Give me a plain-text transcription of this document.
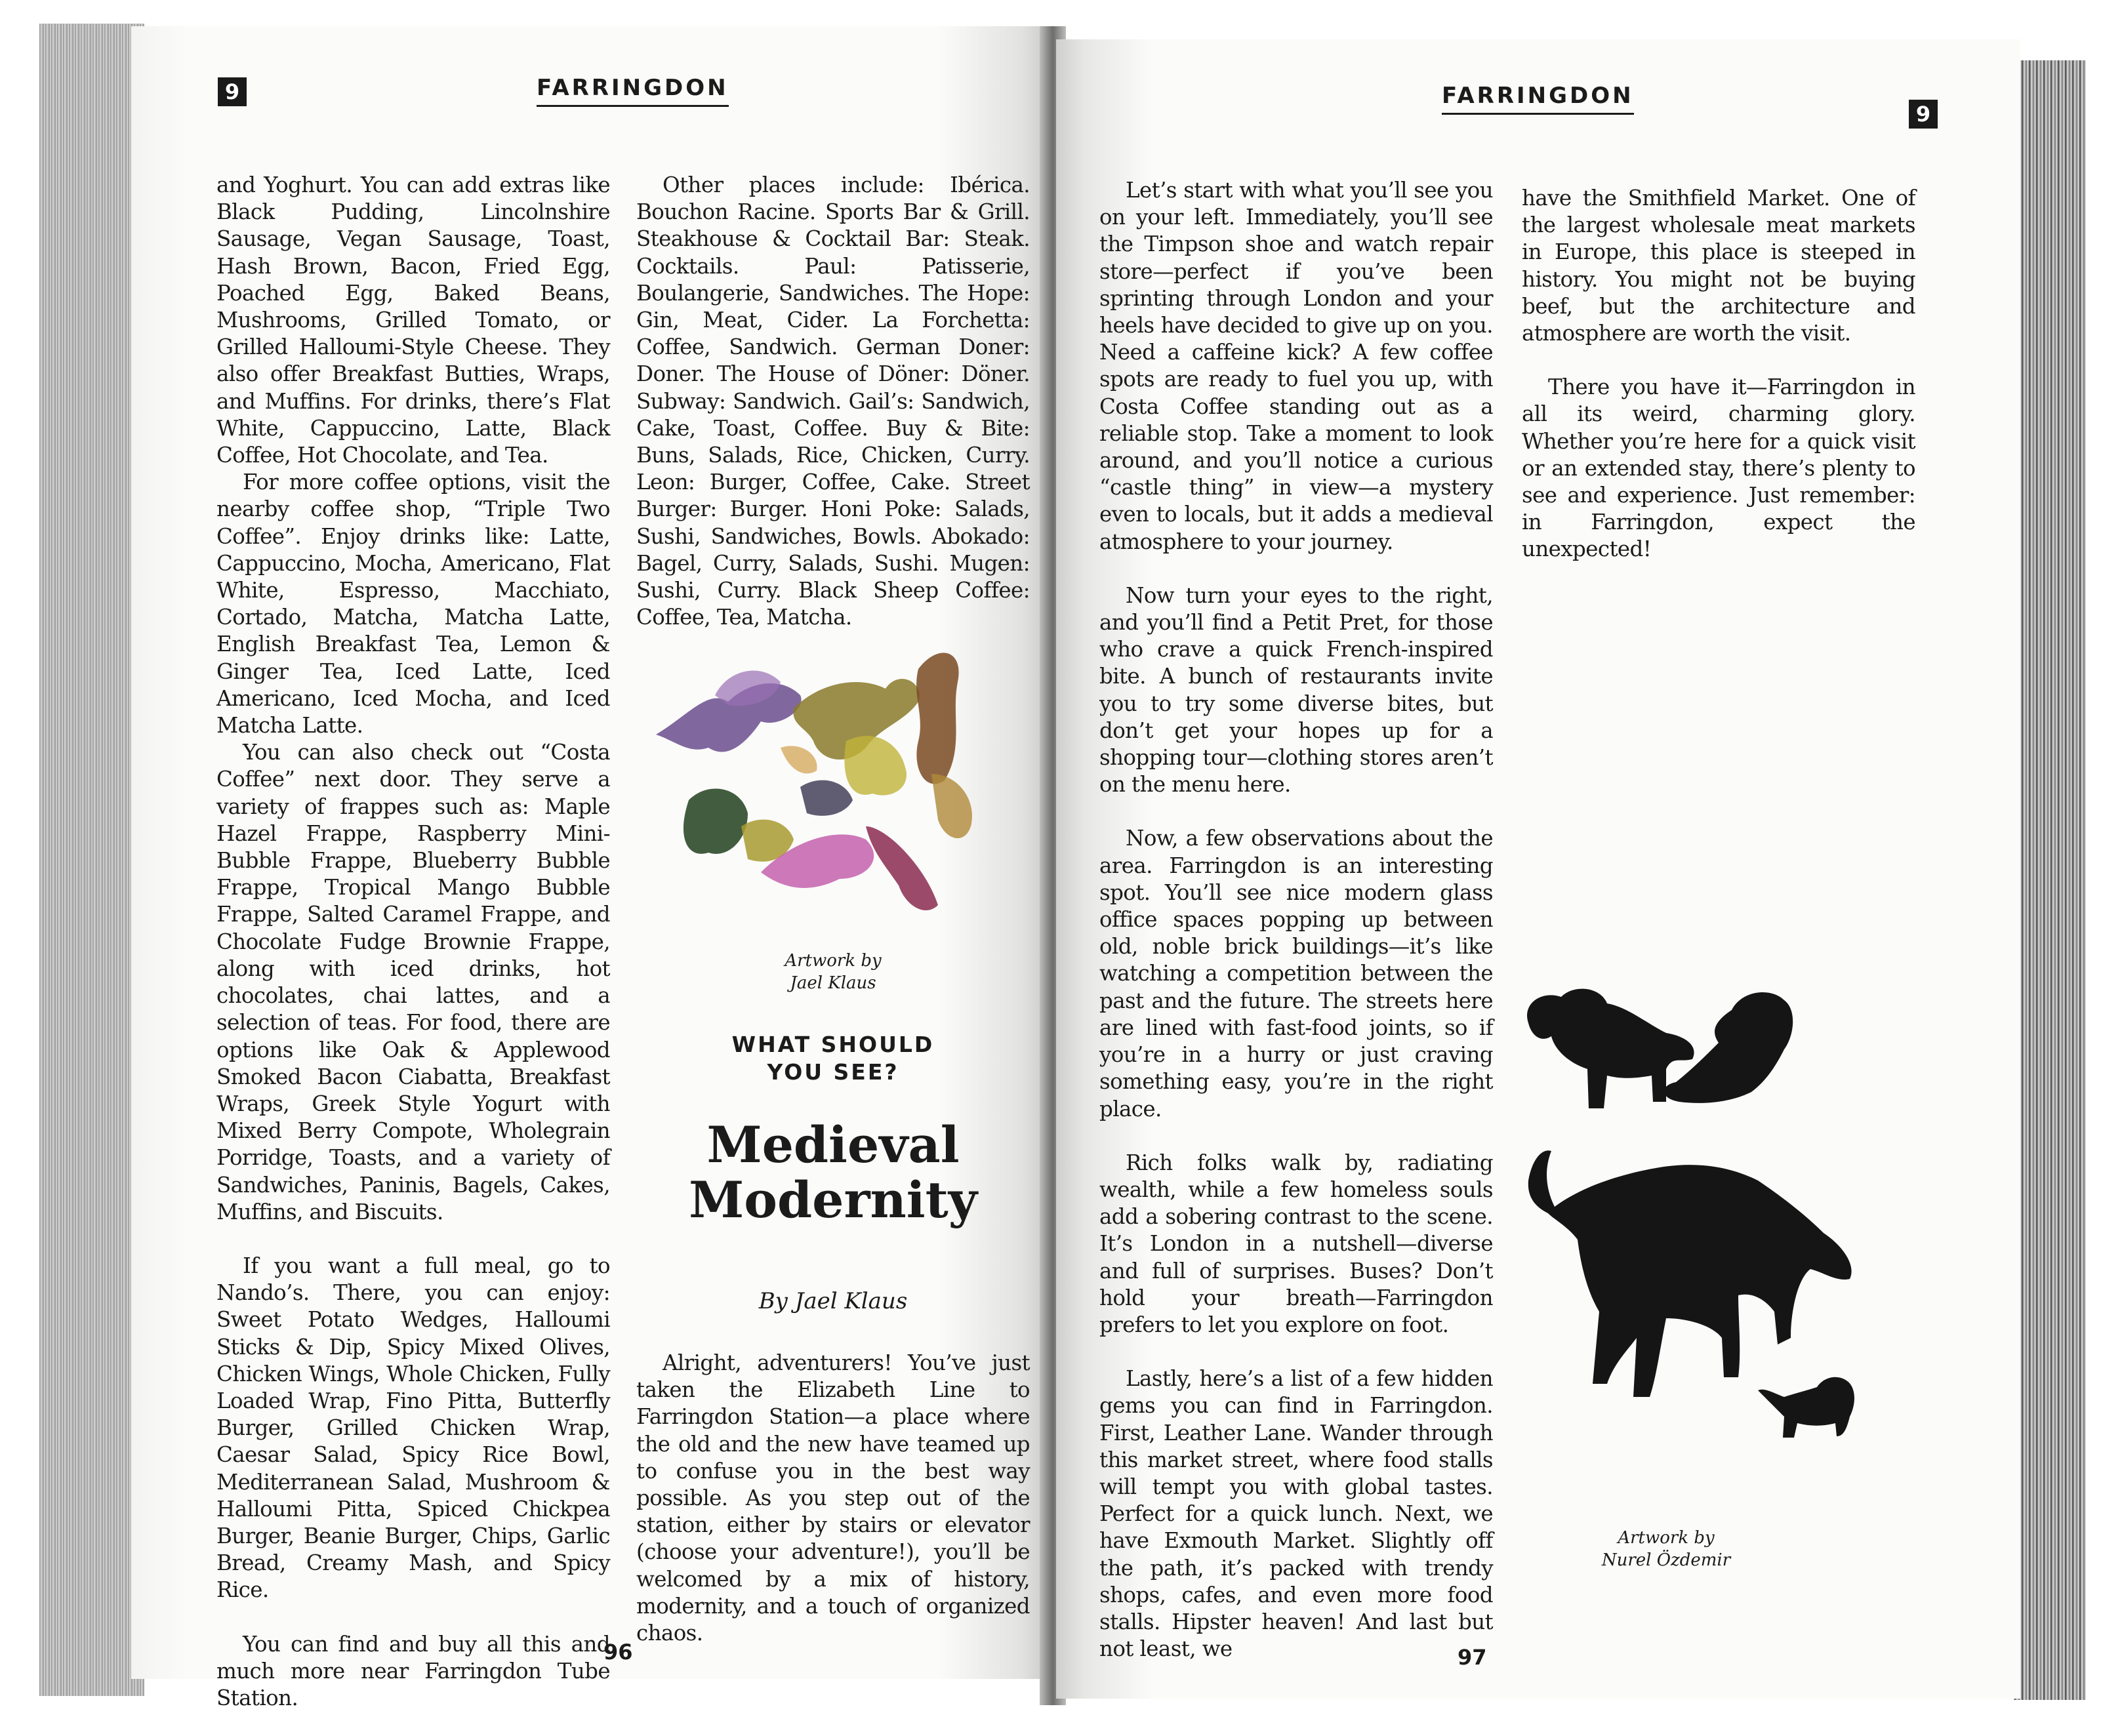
9	FARRINGDON

and Yoghurt. You can add extras like Black Pudding, Lincolnshire Sausage, Vegan Sausage, Toast, Hash Brown, Bacon, Fried Egg, Poached Egg, Baked Beans, Mushrooms, Grilled Tomato, or Grilled Halloumi-Style Cheese. They also offer Breakfast Butties, Wraps, and Muffins. For drinks, there’s Flat White, Cappuccino, Latte, Black Coffee, Hot Chocolate, and Tea.

For more coffee options, visit the nearby coffee shop, “Triple Two Coffee”. Enjoy drinks like: Latte, Cappuccino, Mocha, Americano, Flat White, Espresso, Macchiato, Cortado, Matcha, Matcha Latte, English Breakfast Tea, Lemon & Ginger Tea, Iced Latte, Iced Americano, Iced Mocha, and Iced Matcha Latte.

You can also check out “Costa Coffee” next door. They serve a variety of frappes such as: Maple Hazel Frappe, Raspberry Mini-Bubble Frappe, Blueberry Bubble Frappe, Tropical Mango Bubble Frappe, Salted Caramel Frappe, and Chocolate Fudge Brownie Frappe, along with iced drinks, hot chocolates, chai lattes, and a selection of teas. For food, there are options like Oak & Applewood Smoked Bacon Ciabatta, Breakfast Wraps, Greek Style Yogurt with Mixed Berry Compote, Wholegrain Porridge, Toasts, and a variety of Sandwiches, Paninis, Bagels, Cakes, Muffins, and Biscuits.

If you want a full meal, go to Nando’s. There, you can enjoy: Sweet Potato Wedges, Halloumi Sticks & Dip, Spicy Mixed Olives, Chicken Wings, Whole Chicken, Fully Loaded Wrap, Fino Pitta, Butterfly Burger, Grilled Chicken Wrap, Caesar Salad, Spicy Rice Bowl, Mediterranean Salad, Mushroom & Halloumi Pitta, Spiced Chickpea Burger, Beanie Burger, Chips, Garlic Bread, Creamy Mash, and Spicy Rice.

You can find and buy all this and much more near Farringdon Tube Station.

Other places include: Ibérica. Bouchon Racine. Sports Bar & Grill. Steakhouse & Cocktail Bar: Steak. Cocktails. Paul: Patisserie, Boulangerie, Sandwiches. The Hope: Gin, Meat, Cider. La Forchetta: Coffee, Sandwich. German Doner: Doner. The House of Döner: Döner. Subway: Sandwich. Gail’s: Sandwich, Cake, Toast, Coffee. Buy & Bite: Buns, Salads, Rice, Chicken, Curry. Leon: Burger, Coffee, Cake. Street Burger: Burger. Honi Poke: Salads, Sushi, Sandwiches, Bowls. Abokado: Bagel, Curry, Salads, Sushi. Mugen: Sushi, Curry. Black Sheep Coffee: Coffee, Tea, Matcha.

Artwork by
Jael Klaus
WHAT SHOULD
YOU SEE?
Medieval
Modernity
By Jael Klaus

Alright, adventurers! You’ve just taken the Elizabeth Line to Farringdon Station—a place where the old and the new have teamed up to confuse you in the best way possible. As you step out of the station, either by stairs or elevator (choose your adventure!), you’ll be welcomed by a mix of history, modernity, and a touch of organized chaos.

96
FARRINGDON
9

Let’s start with what you’ll see you on your left. Immediately, you’ll see the Timpson shoe and watch repair store—perfect if you’ve been sprinting through London and your heels have decided to give up on you. Need a caffeine kick? A few coffee spots are ready to fuel you up, with Costa Coffee standing out as a reliable stop. Take a moment to look around, and you’ll notice a curious “castle thing” in view—a mystery even to locals, but it adds a medieval atmosphere to your journey.

Now turn your eyes to the right, and you’ll find a Petit Pret, for those who crave a quick French-inspired bite. A bunch of restaurants invite you to try some diverse bites, but don’t get your hopes up for a shopping tour—clothing stores aren’t on the menu here.

Now, a few observations about the area. Farringdon is an interesting spot. You’ll see nice modern glass office spaces popping up between old, noble brick buildings—it’s like watching a competition between the past and the future. The streets here are lined with fast-food joints, so if you’re in a hurry or just craving something easy, you’re in the right place.

Rich folks walk by, radiating wealth, while a few homeless souls add a sobering contrast to the scene. It’s London in a nutshell—diverse and full of surprises. Buses? Don’t hold your breath—Farringdon prefers to let you explore on foot.

Lastly, here’s a list of a few hidden gems you can find in Farringdon. First, Leather Lane. Wander through this market street, where food stalls will tempt you with global tastes. Perfect for a quick lunch. Next, we have Exmouth Market. Slightly off the path, it’s packed with trendy shops, cafes, and even more food stalls. Hipster heaven! And last but not least, we

have the Smithfield Market. One of the largest wholesale meat markets in Europe, this place is steeped in history. You might not be buying beef, but the architecture and atmosphere are worth the visit.

There you have it—Farringdon in all its weird, charming glory. Whether you’re here for a quick visit or an extended stay, there’s plenty to see and experience. Just remember: in Farringdon, expect the unexpected!

Artwork by
Nurel Özdemir
97
